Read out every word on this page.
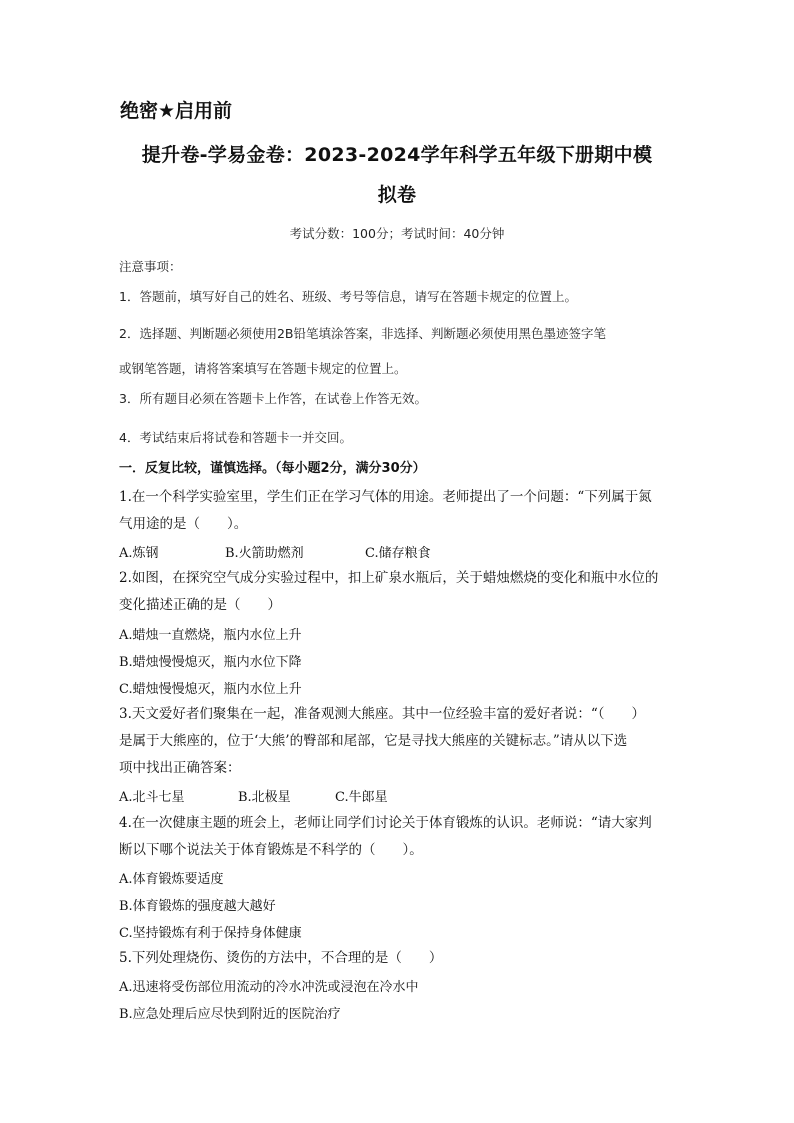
绝密★启用前
提升卷-学易金卷：2023-2024学年科学五年级下册期中模
拟卷
考试分数：100分；考试时间：40分钟
注意事项：
1．答题前，填写好自己的姓名、班级、考号等信息，请写在答题卡规定的位置上。
2．选择题、判断题必须使用2B铅笔填涂答案，非选择、判断题必须使用黑色墨迹签字笔
或钢笔答题，请将答案填写在答题卡规定的位置上。
3．所有题目必须在答题卡上作答，在试卷上作答无效。
4．考试结束后将试卷和答题卡一并交回。
一．反复比较，谨慎选择。（每小题2分，满分30分）
1.在一个科学实验室里，学生们正在学习气体的用途。老师提出了一个问题：“下列属于氮
气用途的是（　　）。
A.炼钢	B.火箭助燃剂	C.储存粮食
2.如图，在探究空气成分实验过程中，扣上矿泉水瓶后，关于蜡烛燃烧的变化和瓶中水位的
变化描述正确的是（　　）
A.蜡烛一直燃烧，瓶内水位上升
B.蜡烛慢慢熄灭，瓶内水位下降
C.蜡烛慢慢熄灭，瓶内水位上升
3.天文爱好者们聚集在一起，准备观测大熊座。其中一位经验丰富的爱好者说：“（　　）
是属于大熊座的，位于‘大熊’的臀部和尾部，它是寻找大熊座的关键标志。”请从以下选
项中找出正确答案：
A.北斗七星	B.北极星	C.牛郎星
4.在一次健康主题的班会上，老师让同学们讨论关于体育锻炼的认识。老师说：“请大家判
断以下哪个说法关于体育锻炼是不科学的（　　）。
A.体育锻炼要适度
B.体育锻炼的强度越大越好
C.坚持锻炼有利于保持身体健康
5.下列处理烧伤、烫伤的方法中，不合理的是（　　）
A.迅速将受伤部位用流动的冷水冲洗或浸泡在冷水中
B.应急处理后应尽快到附近的医院治疗
